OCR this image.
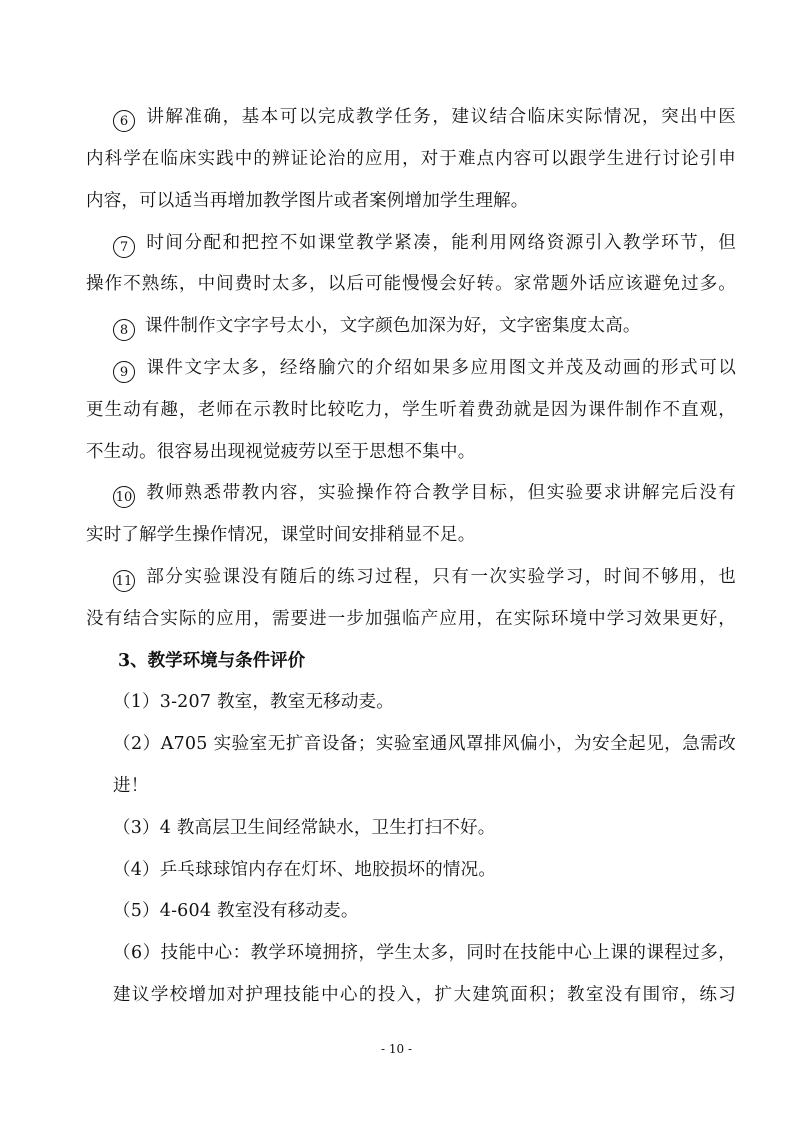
6 讲解准确，基本可以完成教学任务，建议结合临床实际情况，突出中医
内科学在临床实践中的辨证论治的应用，对于难点内容可以跟学生进行讨论引申
内容，可以适当再增加教学图片或者案例增加学生理解。
7 时间分配和把控不如课堂教学紧凑，能利用网络资源引入教学环节，但
操作不熟练，中间费时太多，以后可能慢慢会好转。家常题外话应该避免过多。
8 课件制作文字字号太小，文字颜色加深为好，文字密集度太高。
9 课件文字太多，经络腧穴的介绍如果多应用图文并茂及动画的形式可以
更生动有趣，老师在示教时比较吃力，学生听着费劲就是因为课件制作不直观，
不生动。很容易出现视觉疲劳以至于思想不集中。
10 教师熟悉带教内容，实验操作符合教学目标，但实验要求讲解完后没有
实时了解学生操作情况，课堂时间安排稍显不足。
11 部分实验课没有随后的练习过程，只有一次实验学习，时间不够用，也
没有结合实际的应用，需要进一步加强临产应用，在实际环境中学习效果更好，
3、教学环境与条件评价
（1）3-207 教室，教室无移动麦。
（2）A705 实验室无扩音设备；实验室通风罩排风偏小，为安全起见，急需改
进！
（3）4 教高层卫生间经常缺水，卫生打扫不好。
（4）乒乓球球馆内存在灯坏、地胶损坏的情况。
（5）4-604 教室没有移动麦。
（6）技能中心：教学环境拥挤，学生太多，同时在技能中心上课的课程过多，
建议学校增加对护理技能中心的投入，扩大建筑面积；教室没有围帘，练习
- 10 -
